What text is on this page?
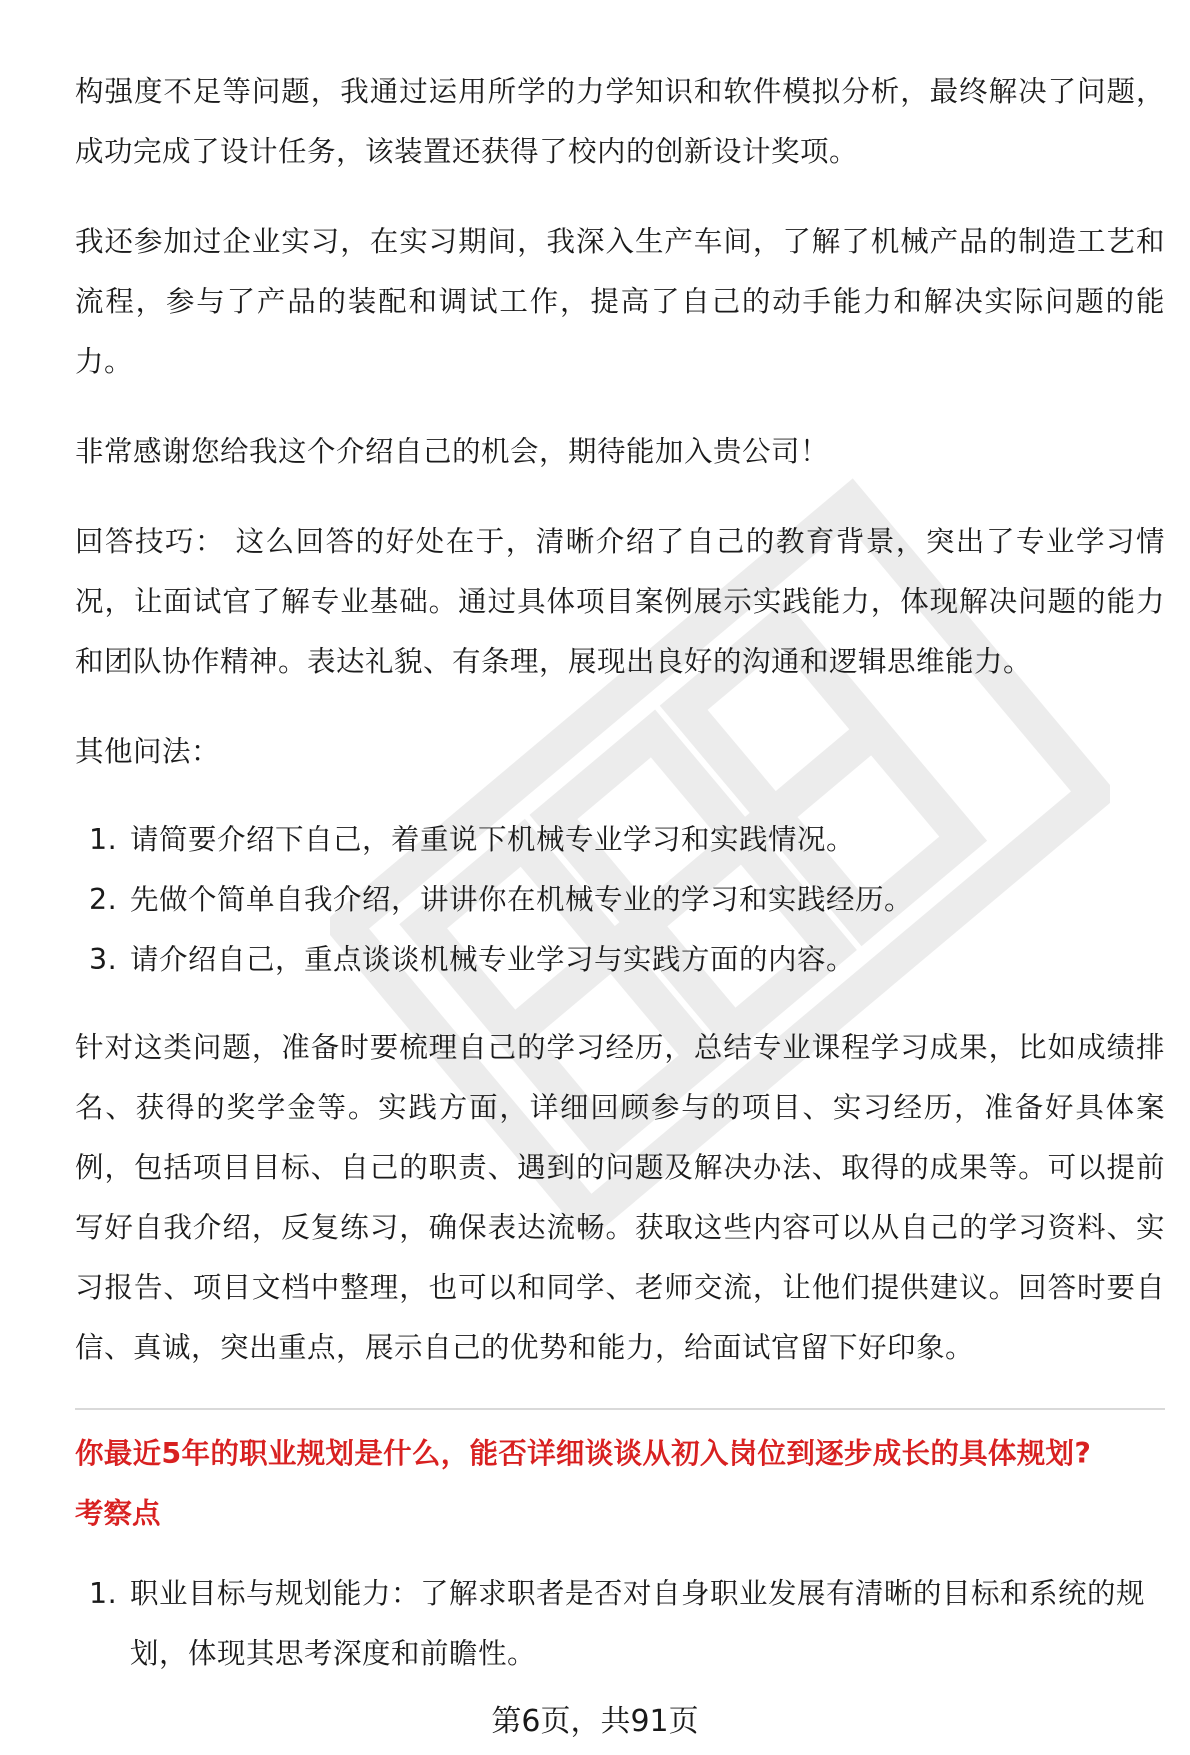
构强度不足等问题，我通过运用所学的力学知识和软件模拟分析，最终解决了问题，成功完成了设计任务，该装置还获得了校内的创新设计奖项。

我还参加过企业实习，在实习期间，我深入生产车间，了解了机械产品的制造工艺和流程，参与了产品的装配和调试工作，提高了自己的动手能力和解决实际问题的能力。

非常感谢您给我这个介绍自己的机会，期待能加入贵公司！

回答技巧： 这么回答的好处在于，清晰介绍了自己的教育背景，突出了专业学习情况，让面试官了解专业基础。通过具体项目案例展示实践能力，体现解决问题的能力和团队协作精神。表达礼貌、有条理，展现出良好的沟通和逻辑思维能力。

其他问法：

1. 请简要介绍下自己，着重说下机械专业学习和实践情况。
2. 先做个简单自我介绍，讲讲你在机械专业的学习和实践经历。
3. 请介绍自己，重点谈谈机械专业学习与实践方面的内容。

针对这类问题，准备时要梳理自己的学习经历，总结专业课程学习成果，比如成绩排名、获得的奖学金等。实践方面，详细回顾参与的项目、实习经历，准备好具体案例，包括项目目标、自己的职责、遇到的问题及解决办法、取得的成果等。可以提前写好自我介绍，反复练习，确保表达流畅。获取这些内容可以从自己的学习资料、实习报告、项目文档中整理，也可以和同学、老师交流，让他们提供建议。回答时要自信、真诚，突出重点，展示自己的优势和能力，给面试官留下好印象。

你最近5年的职业规划是什么，能否详细谈谈从初入岗位到逐步成长的具体规划?

考察点

1. 职业目标与规划能力：了解求职者是否对自身职业发展有清晰的目标和系统的规划，体现其思考深度和前瞻性。
第6页，共91页
